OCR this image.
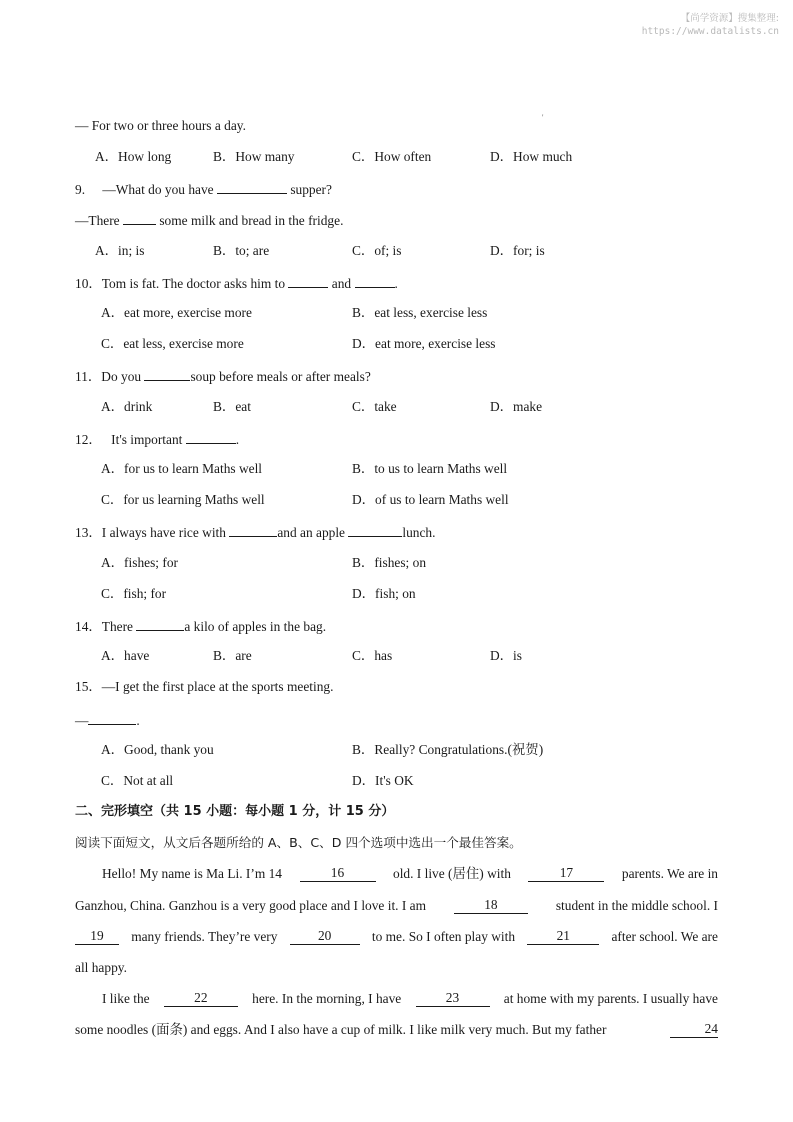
【尚学资源】搜集整理:
https://www.datalists.cn
'
— For two or three hours a day.
A．How long	B．How many	C．How often	D．How much
9. —What do you have	supper?
—There	some milk and bread in the fridge.
A．in; is	B．to; are	C．of; is	D．for; is
10．Tom is fat. The doctor asks him to	and	.
A．eat more, exercise more	B．eat less, exercise less
C．eat less, exercise more	D．eat more, exercise less
11．Do you	soup before meals or after meals?
A．drink	B．eat	C．take	D．make
12． It's important	.
A．for us to learn Maths well	B．to us to learn Maths well
C．for us learning Maths well	D．of us to learn Maths well
13．I always have rice with	and an apple	lunch.
A．fishes; for	B．fishes; on
C．fish; for	D．fish; on
14．There	a kilo of apples in the bag.
A．have	B．are	C．has	D．is
15．—I get the first place at the sports meeting.
—	.
A．Good, thank you	B．Really? Congratulations.(祝贺)
C．Not at all	D．It's OK
二、完形填空（共 15 小题：每小题 1 分，计 15 分）
阅读下面短文，从文后各题所给的 A、B、C、D 四个选项中选出一个最佳答案。
Hello! My name is Ma Li. I’m 14	16	old. I live (居住) with	17	parents. We are in
Ganzhou, China. Ganzhou is a very good place and I love it. I am	18	student in the middle school. I
19	many friends. They’re very	20	to me. So I often play with	21	after school. We are
all happy.
I like the	22	here. In the morning, I have	23	at home with my parents. I usually have
some noodles (面条) and eggs. And I also have a cup of milk. I like milk very much. But my father	24
